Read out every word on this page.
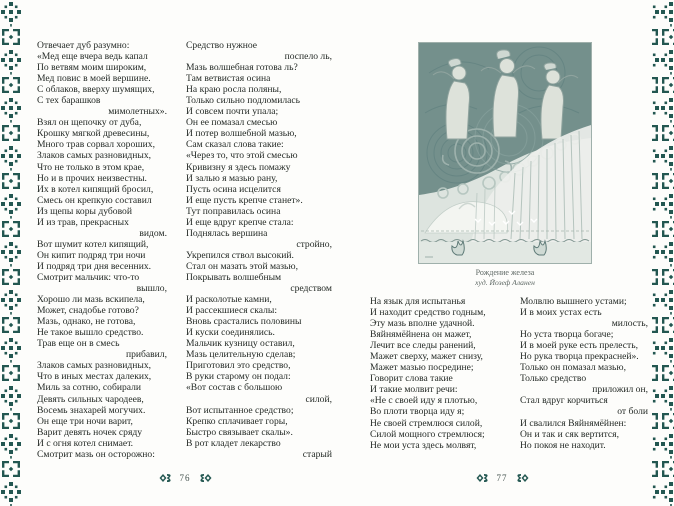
Отвечает дуб разумно:
«Мед еще вчера ведь капал
По ветвям моим широким,
Мед повис в моей вершине.
С облаков, вверху шумящих,
С тех барашков
мимолетных».
Взял он щепочку от дуба,
Крошку мягкой древесины,
Много трав сорвал хороших,
Злаков самых разновидных,
Что не только в этом крае,
Но и в прочих неизвестны.
Их в котел кипящий бросил,
Смесь он крепкую составил
Из щепы коры дубовой
И из трав, прекрасных
видом.
Вот шумит котел кипящий,
Он кипит подряд три ночи
И подряд три дня весенних.
Смотрит мальчик: что-то
вышло,
Хорошо ли мазь вскипела,
Может, снадобье готово?
Мазь, однако, не готова,
Не такое вышло средство.
Трав еще он в смесь
прибавил,
Злаков самых разновидных,
Что в иных местах далеких,
Миль за сотню, собирали
Девять сильных чародеев,
Восемь знахарей могучих.
Он еще три ночи варит,
Варит девять ночек сряду
И с огня котел снимает.
Смотрит мазь он осторожно:
Средство нужное
поспело ль,
Мазь волшебная готова ль?
Там ветвистая осина
На краю росла поляны,
Только сильно подломилась
И совсем почти упала;
Он ее помазал смесью
И потер волшебной мазью,
Сам сказал слова такие:
«Через то, что этой смесью
Кривизну я здесь помажу
И залью я мазью рану,
Пусть осина исцелится
И еще пусть крепче станет».
Тут поправилась осина
И еще вдруг крепче стала:
Поднялась вершина
стройно,
Укрепился ствол высокий.
Стал он мазать этой мазью,
Покрывать волшебным
средством
И расколотые камни,
И рассекшиеся скалы:
Вновь срастались половины
И куски соединялись.
Мальчик кузницу оставил,
Мазь целительную сделав;
Приготовил это средство,
В руки старому он подал:
«Вот состав с большою
силой,
Вот испытанное средство;
Крепко сплачивает горы,
Быстро связывает скалы».
В рот кладет лекарство
старый
Рождение железа
худ. Йозеф Аланен
На язык для испытанья
И находит средство годным,
Эту мазь вполне удачной.
Вяйнямёйнена он мажет,
Лечит все следы ранений,
Мажет сверху, мажет снизу,
Мажет мазью посредине;
Говорит слова такие
И такие молвит речи:
«Не с своей иду я плотью,
Во плоти творца иду я;
Не своей стремлюся силой,
Силой мощного стремлюся;
Не мои уста здесь молвят,
Молвлю вышнего устами;
И в моих устах есть
милость,
Но уста творца богаче;
И в моей руке есть прелесть,
Но рука творца прекрасней».
Только он помазал мазью,
Только средство
приложил он,
Стал вдруг корчиться
от боли
И свалился Вяйнямёйнен:
Он и так и сяк вертится,
Но покоя не находит.
76	77
